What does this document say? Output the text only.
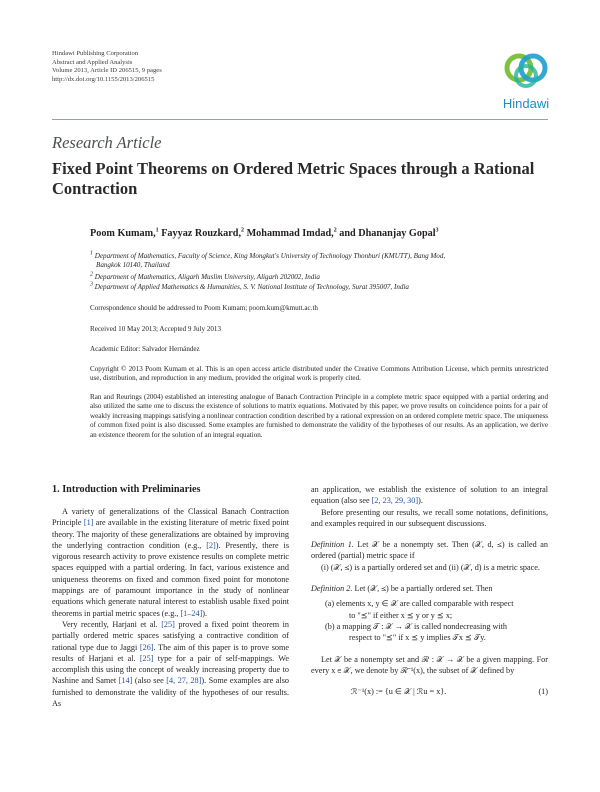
Hindawi Publishing Corporation
Abstract and Applied Analysis
Volume 2013, Article ID 206515, 9 pages
http://dx.doi.org/10.1155/2013/206515
Hindawi
Research Article
Fixed Point Theorems on Ordered Metric Spaces through a Rational Contraction
Poom Kumam,$^1$ Fayyaz Rouzkard,$^2$ Mohammad Imdad,$^2$ and Dhananjay Gopal$^3$
$^1$ Department of Mathematics, Faculty of Science, King Mongkut's University of Technology Thonburi (KMUTT), Bang Mod,
Bangkok 10140, Thailand
$^2$ Department of Mathematics, Aligarh Muslim University, Aligarh 202002, India
$^3$ Department of Applied Mathematics & Humanities, S. V. National Institute of Technology, Surat 395007, India
Correspondence should be addressed to Poom Kumam; poom.kum@kmutt.ac.th
Received 10 May 2013; Accepted 9 July 2013
Academic Editor: Salvador Hernández
Copyright © 2013 Poom Kumam et al. This is an open access article distributed under the Creative Commons Attribution License, which permits unrestricted use, distribution, and reproduction in any medium, provided the original work is properly cited.
Ran and Reurings (2004) established an interesting analogue of Banach Contraction Principle in a complete metric space equipped with a partial ordering and also utilized the same one to discuss the existence of solutions to matrix equations. Motivated by this paper, we prove results on coincidence points for a pair of weakly increasing mappings satisfying a nonlinear contraction condition described by a rational expression on an ordered complete metric space. The uniqueness of common fixed point is also discussed. Some examples are furnished to demonstrate the validity of the hypotheses of our results. As an application, we derive an existence theorem for the solution of an integral equation.
1. Introduction with Preliminaries

A variety of generalizations of the Classical Banach Contraction Principle [1] are available in the existing literature of metric fixed point theory. The majority of these generalizations are obtained by improving the underlying contraction condition (e.g., [2]). Presently, there is vigorous research activity to prove existence results on complete metric spaces equipped with a partial ordering. In fact, various existence and uniqueness theorems on fixed and common fixed point for monotone mappings are of paramount importance in the study of nonlinear equations which generate natural interest to establish usable fixed point theorems in partial metric spaces (e.g., [1–24]).

Very recently, Harjani et al. [25] proved a fixed point theorem in partially ordered metric spaces satisfying a contractive condition of rational type due to Jaggi [26]. The aim of this paper is to prove some results of Harjani et al. [25] type for a pair of self-mappings. We accomplish this using the concept of weakly increasing property due to Nashine and Samet [14] (also see [4, 27, 28]). Some examples are also furnished to demonstrate the validity of the hypotheses of our results. As

an application, we establish the existence of solution to an integral equation (also see [2, 23, 29, 30]).

Before presenting our results, we recall some notations, definitions, and examples required in our subsequent discussions.

Definition 1. Let 𝒳 be a nonempty set. Then (𝒳, d, ⪯) is called an ordered (partial) metric space if

(i) (𝒳, ⪯) is a partially ordered set and (ii) (𝒳, d) is a metric space.

Definition 2. Let (𝒳, ⪯) be a partially ordered set. Then

(a) elements x, y ∈ 𝒳 are called comparable with respect
to "⪯" if either x ⪯ y or y ⪯ x;

(b) a mapping 𝒯 : 𝒳 → 𝒳 is called nondecreasing with
respect to "⪯" if x ⪯ y implies 𝒯x ⪯ 𝒯y.

Let 𝒳 be a nonempty set and ℛ : 𝒳 → 𝒳 be a given mapping. For every x ∈ 𝒳, we denote by ℛ⁻¹(x), the subset of 𝒳 defined by

ℛ⁻¹(x) := {u ∈ 𝒳 | ℛu = x}.	(1)
